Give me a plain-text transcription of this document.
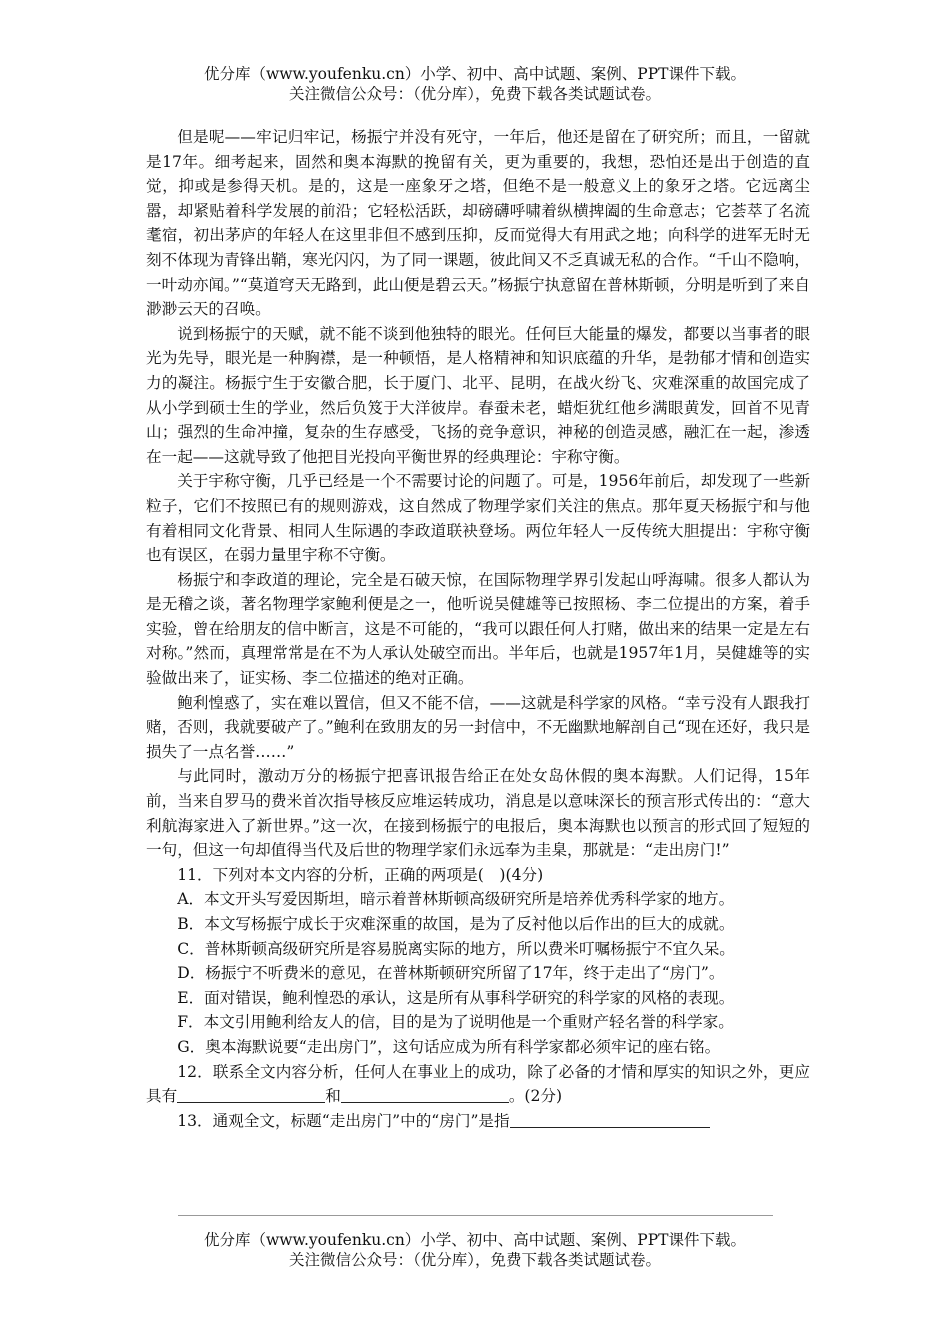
优分库（www.youfenku.cn）小学、初中、高中试题、案例、PPT课件下载。
关注微信公众号：（优分库），免费下载各类试题试卷。

但是呢——牢记归牢记，杨振宁并没有死守，一年后，他还是留在了研究所；而且，一留就是17年。细考起来，固然和奥本海默的挽留有关，更为重要的，我想，恐怕还是出于创造的直觉，抑或是参得天机。是的，这是一座象牙之塔，但绝不是一般意义上的象牙之塔。它远离尘嚣，却紧贴着科学发展的前沿；它轻松活跃，却磅礴呼啸着纵横捭阖的生命意志；它荟萃了名流耄宿，初出茅庐的年轻人在这里非但不感到压抑，反而觉得大有用武之地；向科学的进军无时无刻不体现为青锋出鞘，寒光闪闪，为了同一课题，彼此间又不乏真诚无私的合作。“千山不隐响，一叶动亦闻。”“莫道穹天无路到，此山便是碧云天。”杨振宁执意留在普林斯顿，分明是听到了来自渺渺云天的召唤。

说到杨振宁的天赋，就不能不谈到他独特的眼光。任何巨大能量的爆发，都要以当事者的眼光为先导，眼光是一种胸襟，是一种顿悟，是人格精神和知识底蕴的升华，是勃郁才情和创造实力的凝注。杨振宁生于安徽合肥，长于厦门、北平、昆明，在战火纷飞、灾难深重的故国完成了从小学到硕士生的学业，然后负笈于大洋彼岸。春蚕未老，蜡炬犹红他乡满眼黄发，回首不见青山；强烈的生命冲撞，复杂的生存感受，飞扬的竞争意识，神秘的创造灵感，融汇在一起，渗透在一起——这就导致了他把目光投向平衡世界的经典理论：宇称守衡。

关于宇称守衡，几乎已经是一个不需要讨论的问题了。可是，1956年前后，却发现了一些新粒子，它们不按照已有的规则游戏，这自然成了物理学家们关注的焦点。那年夏天杨振宁和与他有着相同文化背景、相同人生际遇的李政道联袂登场。两位年轻人一反传统大胆提出：宇称守衡也有误区，在弱力量里宇称不守衡。

杨振宁和李政道的理论，完全是石破天惊，在国际物理学界引发起山呼海啸。很多人都认为是无稽之谈，著名物理学家鲍利便是之一，他听说吴健雄等已按照杨、李二位提出的方案，着手实验，曾在给朋友的信中断言，这是不可能的，“我可以跟任何人打赌，做出来的结果一定是左右对称。”然而，真理常常是在不为人承认处破空而出。半年后，也就是1957年1月，吴健雄等的实验做出来了，证实杨、李二位描述的绝对正确。

鲍利惶惑了，实在难以置信，但又不能不信，——这就是科学家的风格。“幸亏没有人跟我打赌，否则，我就要破产了。”鲍利在致朋友的另一封信中，不无幽默地解剖自己“现在还好，我只是损失了一点名誉……”

与此同时，激动万分的杨振宁把喜讯报告给正在处女岛休假的奥本海默。人们记得，15年前，当来自罗马的费米首次指导核反应堆运转成功，消息是以意味深长的预言形式传出的：“意大利航海家进入了新世界。”这一次，在接到杨振宁的电报后，奥本海默也以预言的形式回了短短的一句，但这一句却值得当代及后世的物理学家们永远奉为圭臬，那就是：“走出房门!”

11．下列对本文内容的分析，正确的两项是(　)(4分)

A．本文开头写爱因斯坦，暗示着普林斯顿高级研究所是培养优秀科学家的地方。

B．本文写杨振宁成长于灾难深重的故国，是为了反衬他以后作出的巨大的成就。

C．普林斯顿高级研究所是容易脱离实际的地方，所以费米叮嘱杨振宁不宜久呆。

D．杨振宁不听费米的意见，在普林斯顿研究所留了17年，终于走出了“房门”。

E．面对错误，鲍利惶恐的承认，这是所有从事科学研究的科学家的风格的表现。

F．本文引用鲍利给友人的信，目的是为了说明他是一个重财产轻名誉的科学家。

G．奥本海默说要“走出房门”，这句话应成为所有科学家都必须牢记的座右铭。

12．联系全文内容分析，任何人在事业上的成功，除了必备的才情和厚实的知识之外，更应具有	和	。(2分)

13．通观全文，标题“走出房门”中的“房门”是指

优分库（www.youfenku.cn）小学、初中、高中试题、案例、PPT课件下载。
关注微信公众号：（优分库），免费下载各类试题试卷。
